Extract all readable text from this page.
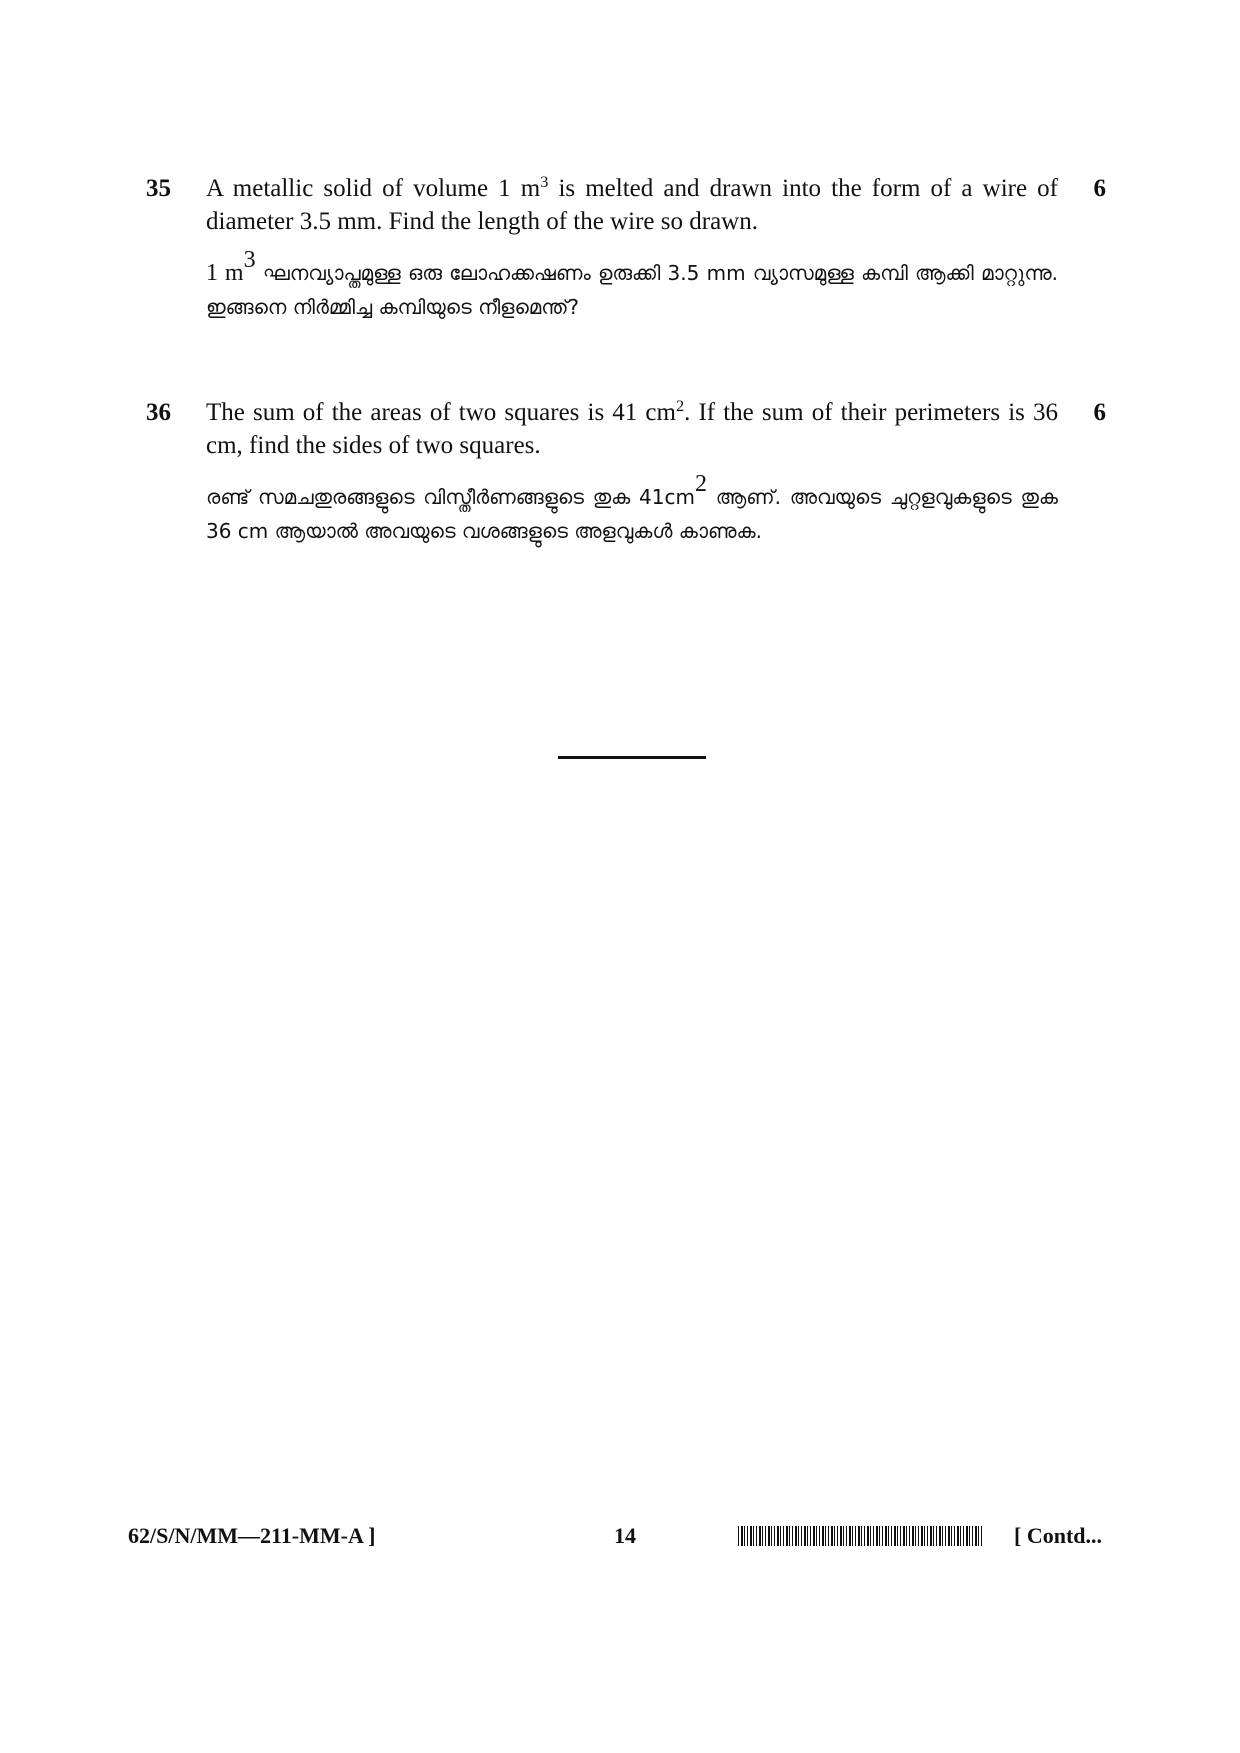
35 A metallic solid of volume 1 $m^3$ is melted and drawn into the form of a wire of diameter 3.5 mm. Find the length of the wire so drawn.
1 $m^3$ ഘനവ്യാപ്തമുള്ള ഒരു ലോഹക്കഷണം ഉരുക്കി 3.5 mm വ്യാസമുള്ള കമ്പി ആക്കി മാറ്റുന്നു. ഇങ്ങനെ നിർമ്മിച്ച കമ്പിയുടെ നീളമെന്ത്?
6
36 The sum of the areas of two squares is 41 $cm^2$. If the sum of their perimeters is 36 cm, find the sides of two squares.
രണ്ട് സമചതുരങ്ങളുടെ വിസ്തീർണങ്ങളുടെ തുക $41cm^2$ ആണ്. അവയുടെ ചുറ്റളവുകളുടെ തുക 36 cm ആയാൽ അവയുടെ വശങ്ങളുടെ അളവുകൾ കാണുക.
6
62/S/N/MM—211-MM-A ]	14	[ Contd...
